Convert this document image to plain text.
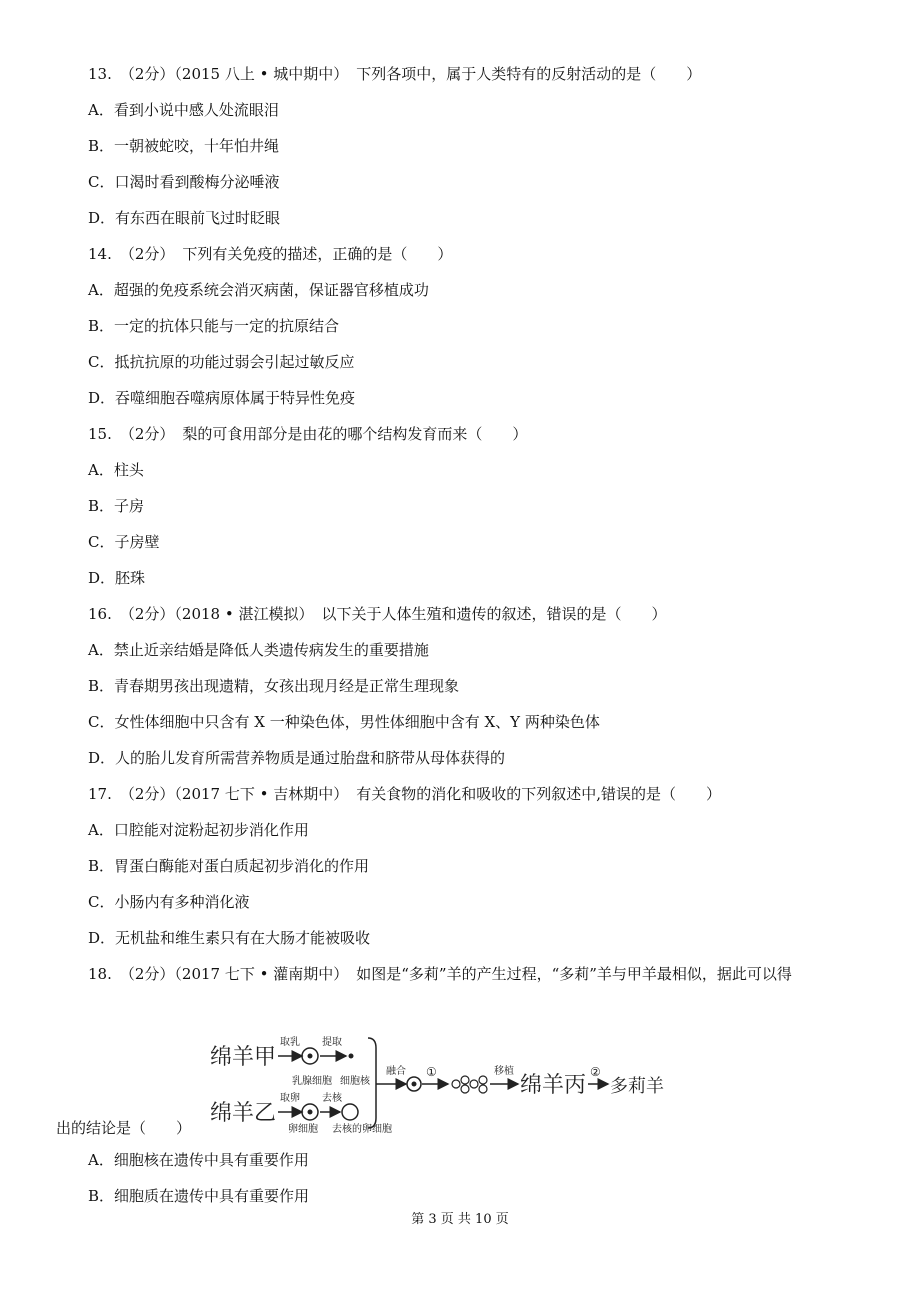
13. （2分）（2015 八上 • 城中期中） 下列各项中，属于人类特有的反射活动的是（　　）
A．看到小说中感人处流眼泪
B．一朝被蛇咬，十年怕井绳
C．口渴时看到酸梅分泌唾液
D．有东西在眼前飞过时眨眼
14. （2分） 下列有关免疫的描述，正确的是（　　）
A．超强的免疫系统会消灭病菌，保证器官移植成功
B．一定的抗体只能与一定的抗原结合
C．抵抗抗原的功能过弱会引起过敏反应
D．吞噬细胞吞噬病原体属于特异性免疫
15. （2分） 梨的可食用部分是由花的哪个结构发育而来（　　）
A．柱头
B．子房
C．子房壁
D．胚珠
16. （2分）（2018 • 湛江模拟） 以下关于人体生殖和遗传的叙述，错误的是（　　）
A．禁止近亲结婚是降低人类遗传病发生的重要措施
B．青春期男孩出现遗精，女孩出现月经是正常生理现象
C．女性体细胞中只含有 X 一种染色体，男性体细胞中含有 X、Y 两种染色体
D．人的胎儿发育所需营养物质是通过胎盘和脐带从母体获得的
17. （2分）（2017 七下 • 吉林期中） 有关食物的消化和吸收的下列叙述中,错误的是（　　）
A．口腔能对淀粉起初步消化作用
B．胃蛋白酶能对蛋白质起初步消化的作用
C．小肠内有多种消化液
D．无机盐和维生素只有在大肠才能被吸收
18. （2分）（2017 七下 • 灌南期中） 如图是“多莉”羊的产生过程，“多莉”羊与甲羊最相似，据此可以得
绵羊甲
取乳
乳腺细胞
提取
细胞核
绵羊乙
取卵
卵细胞
去核
去核的卵细胞
融合 ①	移植
绵羊丙
②
多莉羊
出的结论是（　　）
A．细胞核在遗传中具有重要作用
B．细胞质在遗传中具有重要作用
第 3 页 共 10 页
